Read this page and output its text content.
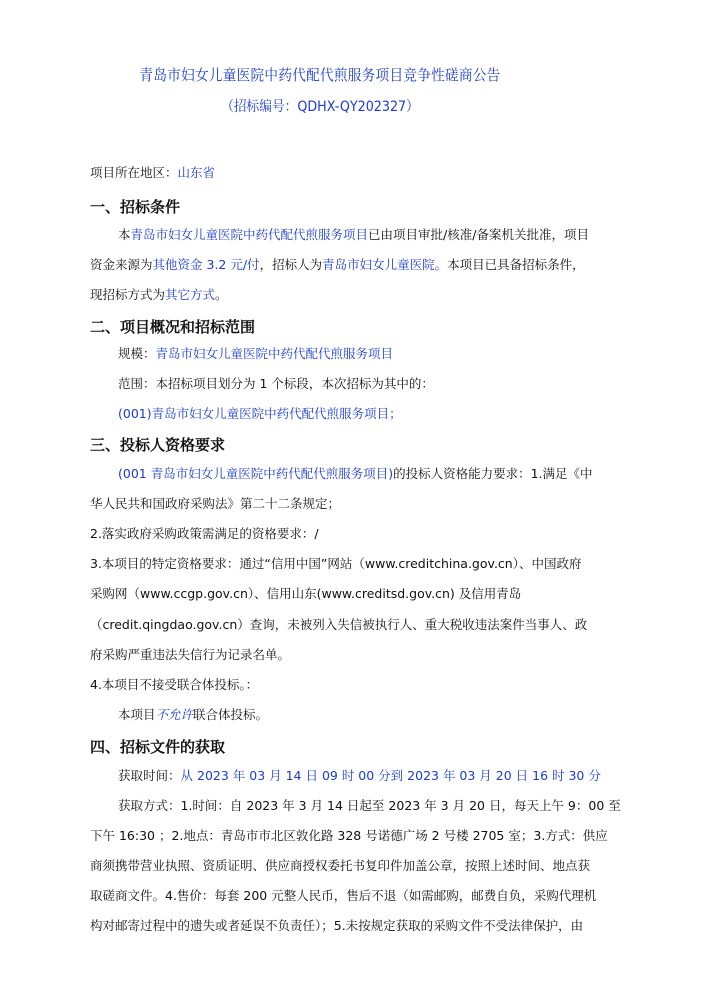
青岛市妇女儿童医院中药代配代煎服务项目竞争性磋商公告
（招标编号：QDHX-QY202327）
项目所在地区：山东省
一、招标条件
本青岛市妇女儿童医院中药代配代煎服务项目已由项目审批/核准/备案机关批准，项目
资金来源为其他资金 3.2 元/付，招标人为青岛市妇女儿童医院。本项目已具备招标条件，
现招标方式为其它方式。
二、项目概况和招标范围
规模：青岛市妇女儿童医院中药代配代煎服务项目
范围：本招标项目划分为 1 个标段，本次招标为其中的：
(001)青岛市妇女儿童医院中药代配代煎服务项目；
三、投标人资格要求
(001 青岛市妇女儿童医院中药代配代煎服务项目)的投标人资格能力要求：1.满足《中
华人民共和国政府采购法》第二十二条规定；
2.落实政府采购政策需满足的资格要求：/
3.本项目的特定资格要求：通过“信用中国”网站（www.creditchina.gov.cn）、中国政府
采购网（www.ccgp.gov.cn）、信用山东(www.creditsd.gov.cn) 及信用青岛
（credit.qingdao.gov.cn）查询，未被列入失信被执行人、重大税收违法案件当事人、政
府采购严重违法失信行为记录名单。
4.本项目不接受联合体投标。：
本项目不允许联合体投标。
四、招标文件的获取
获取时间：从 2023 年 03 月 14 日 09 时 00 分到 2023 年 03 月 20 日 16 时 30 分
获取方式：1.时间：自 2023 年 3 月 14 日起至 2023 年 3 月 20 日，每天上午 9：00 至
下午 16:30 ；2.地点：青岛市市北区敦化路 328 号诺德广场 2 号楼 2705 室；3.方式：供应
商须携带营业执照、资质证明、供应商授权委托书复印件加盖公章，按照上述时间、地点获
取磋商文件。4.售价：每套 200 元整人民币，售后不退（如需邮购，邮费自负，采购代理机
构对邮寄过程中的遗失或者延误不负责任）；5.未按规定获取的采购文件不受法律保护，由
